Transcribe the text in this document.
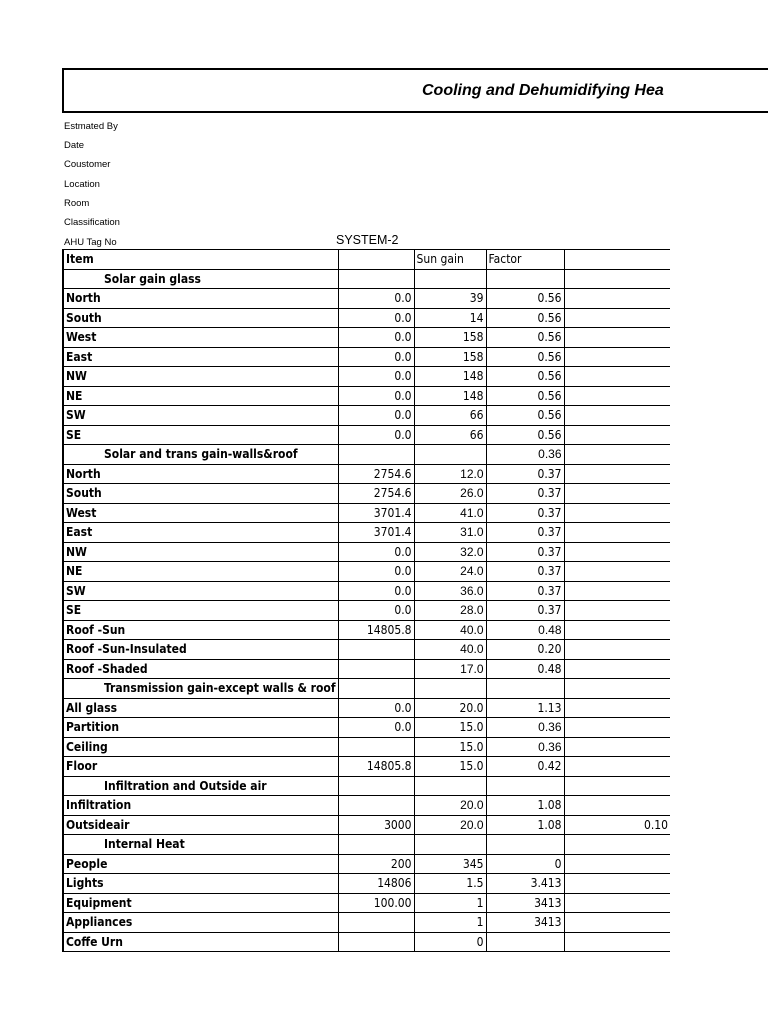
Cooling and Dehumidifying Hea
Estmated By
Date
Coustomer
Location
Room
Classification
AHU Tag No	SYSTEM-2
Item		Sun gain	Factor	
Solar gain glass				
North	0.0	39	0.56	
South	0.0	14	0.56	
West	0.0	158	0.56	
East	0.0	158	0.56	
NW	0.0	148	0.56	
NE	0.0	148	0.56	
SW	0.0	66	0.56	
SE	0.0	66	0.56	
Solar and trans gain-walls&roof			0.36	
North	2754.6	12.0	0.37	
South	2754.6	26.0	0.37	
West	3701.4	41.0	0.37	
East	3701.4	31.0	0.37	
NW	0.0	32.0	0.37	
NE	0.0	24.0	0.37	
SW	0.0	36.0	0.37	
SE	0.0	28.0	0.37	
Roof -Sun	14805.8	40.0	0.48	
Roof -Sun-Insulated		40.0	0.20	
Roof -Shaded		17.0	0.48	
Transmission gain-except walls & roof				
All glass	0.0	20.0	1.13	
Partition	0.0	15.0	0.36	
Ceiling		15.0	0.36	
Floor	14805.8	15.0	0.42	
Infiltration and Outside air				
Infiltration		20.0	1.08	
Outsideair	3000	20.0	1.08	0.10
Internal Heat				
People	200	345	0	
Lights	14806	1.5	3.413	
Equipment	100.00	1	3413	
Appliances		1	3413	
Coffe Urn		0		
